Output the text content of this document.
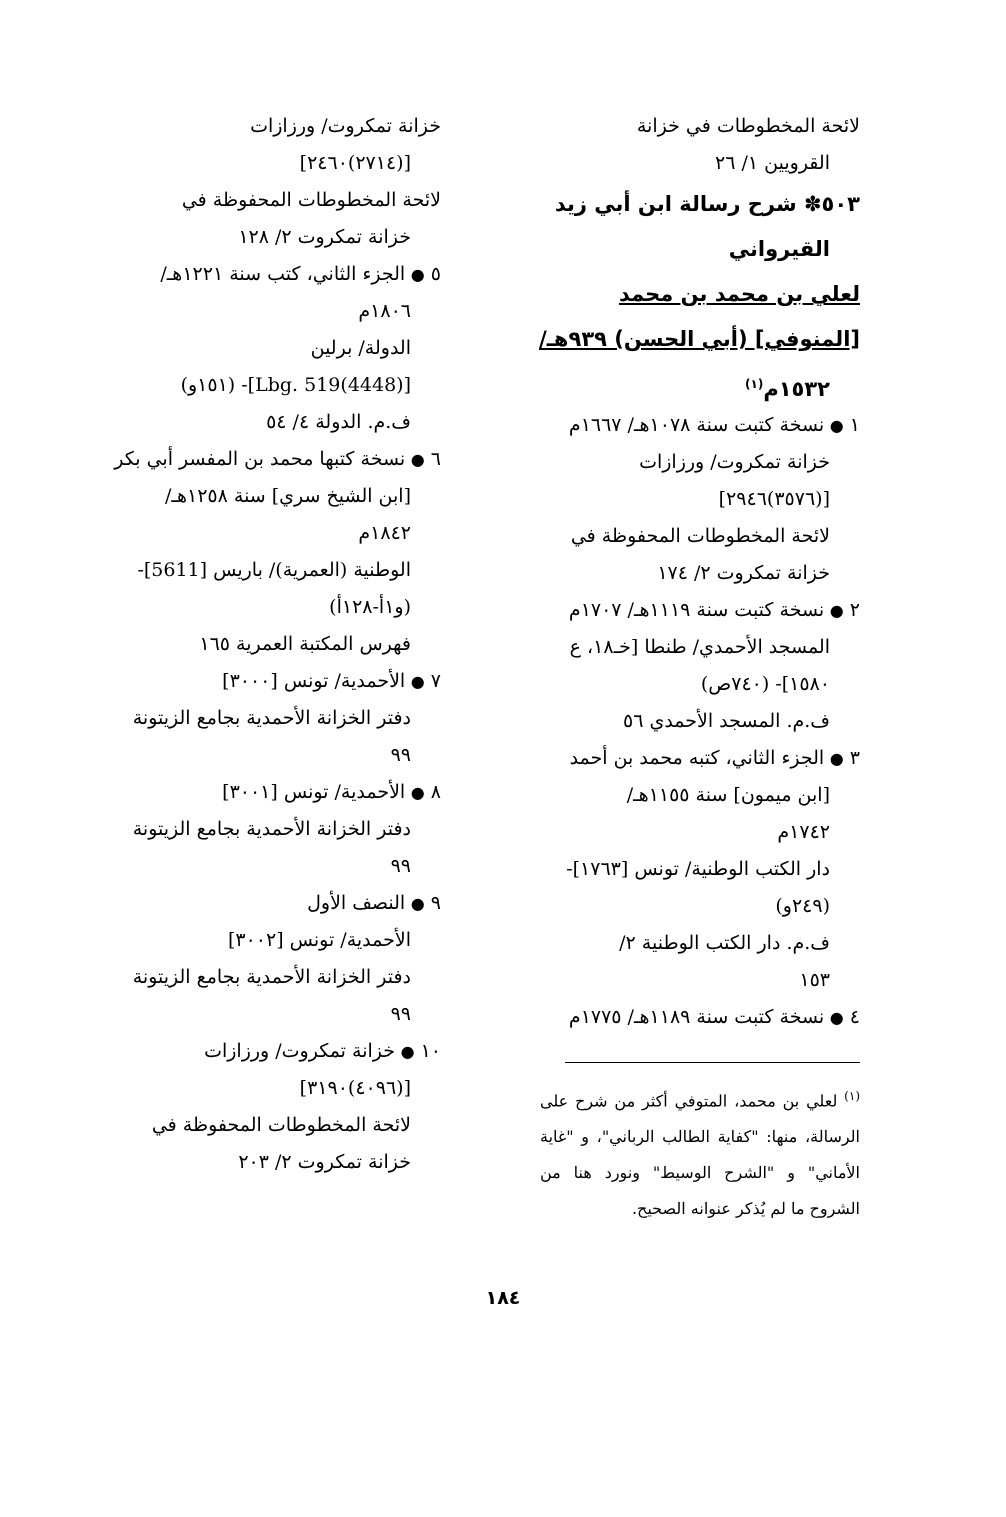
لائحة المخطوطات في خزانة
القرويين ١/ ٢٦
٥٠٣✽ شرح رسالة ابن أبي زيد
القيرواني
لعلي بن محمد بن محمد
[المنوفي] (أبي الحسن) ٩٣٩هـ/
١٥٣٢م$^{(١)}$
١ ● نسخة كتبت سنة ١٠٧٨هـ/ ١٦٦٧م
خزانة تمكروت/ ورزازات
[(٣٥٧٦)٢٩٤٦]
لائحة المخطوطات المحفوظة في
خزانة تمكروت ٢/ ١٧٤
٢ ● نسخة كتبت سنة ١١١٩هـ/ ١٧٠٧م
المسجد الأحمدي/ طنطا [خـ١٨، ع
١٥٨٠]- (٧٤٠ص)
ف.م. المسجد الأحمدي ٥٦
٣ ● الجزء الثاني، كتبه محمد بن أحمد
[ابن ميمون] سنة ١١٥٥هـ/
١٧٤٢م
دار الكتب الوطنية/ تونس [١٧٦٣]-
(٢٤٩و)
ف.م. دار الكتب الوطنية ٢/
١٥٣
٤ ● نسخة كتبت سنة ١١٨٩هـ/ ١٧٧٥م
خزانة تمكروت/ ورزازات
[(٢٧١٤)٢٤٦٠]
لائحة المخطوطات المحفوظة في
خزانة تمكروت ٢/ ١٢٨
٥ ● الجزء الثاني، كتب سنة ١٢٢١هـ/
١٨٠٦م
الدولة/ برلين
[(4448)Lbg. 519]- (١٥١و)
ف.م. الدولة ٤/ ٥٤
٦ ● نسخة كتبها محمد بن المفسر أبي بكر
[ابن الشيخ سري] سنة ١٢٥٨هـ/
١٨٤٢م
الوطنية (العمرية)/ باريس [5611]-
(و١أ-١٢٨أ)
فهرس المكتبة العمرية ١٦٥
٧ ● الأحمدية/ تونس [٣٠٠٠]
دفتر الخزانة الأحمدية بجامع الزيتونة
٩٩
٨ ● الأحمدية/ تونس [٣٠٠١]
دفتر الخزانة الأحمدية بجامع الزيتونة
٩٩
٩ ● النصف الأول
الأحمدية/ تونس [٣٠٠٢]
دفتر الخزانة الأحمدية بجامع الزيتونة
٩٩
١٠ ● خزانة تمكروت/ ورزازات
[(٤٠٩٦)٣١٩٠]
لائحة المخطوطات المحفوظة في
خزانة تمكروت ٢/ ٢٠٣
$^{(١)}$ لعلي بن محمد، المتوفي أكثر من شرح على الرسالة، منها: "كفاية الطالب الرباني"، و "غاية الأماني" و "الشرح الوسيط" ونورد هنا من الشروح ما لم يُذكر عنوانه الصحيح.
١٨٤
